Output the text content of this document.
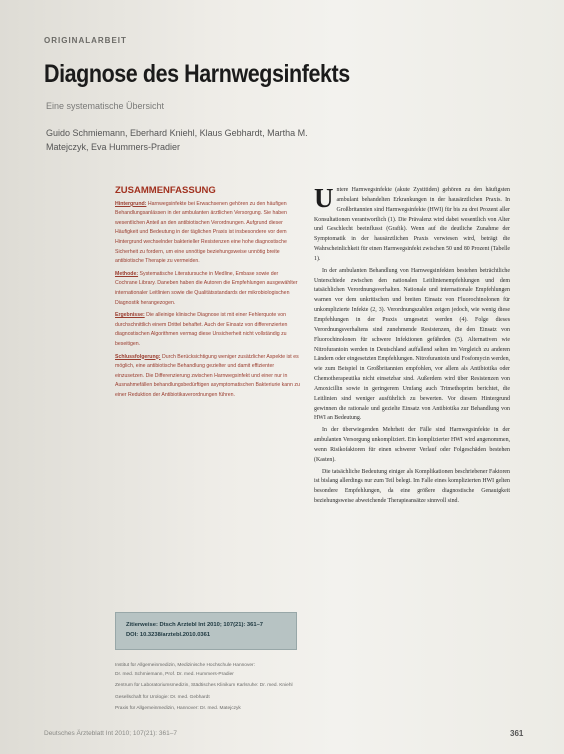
ORIGINALARBEIT
Diagnose des Harnwegsinfekts
Eine systematische Übersicht
Guido Schmiemann, Eberhard Kniehl, Klaus Gebhardt, Martha M. Matejczyk, Eva Hummers-Pradier
ZUSAMMENFASSUNG

Hintergrund: Harnwegsinfekte bei Erwachsenen gehören zu den häufigen Behandlungsanlässen in der ambulanten ärztlichen Versorgung. Sie haben wesentlichen Anteil an den antibiotischen Verordnungen. Aufgrund dieser Häufigkeit und Bedeutung in der täglichen Praxis ist insbesondere vor dem Hintergrund wechselnder bakterieller Resistenzen eine hohe diagnostische Sicherheit zu fordern, um eine unnötige beziehungsweise unnötig breite antibiotische Therapie zu vermeiden.

Methode: Systematische Literatursuche in Medline, Embase sowie der Cochrane Library. Daneben haben die Autoren die Empfehlungen ausgewählter internationaler Leitlinien sowie die Qualitätsstandards der mikrobiologischen Diagnostik herangezogen.

Ergebnisse: Die alleinige klinische Diagnose ist mit einer Fehlerquote von durchschnittlich einem Drittel behaftet. Auch der Einsatz von differenzierten diagnostischen Algorithmen vermag diese Unsicherheit nicht vollständig zu beseitigen.

Schlussfolgerung: Durch Berücksichtigung weniger zusätzlicher Aspekte ist es möglich, eine antibiotische Behandlung gezielter und damit effizienter einzusetzen. Die Differenzierung zwischen Harnwegsinfekt und einer nur in Ausnahmefällen behandlungsbedürftigen asymptomatischen Bakteriurie kann zu einer Reduktion der Antibiotikaverordnungen führen.

Zitierweise: Dtsch Arztebl Int 2010; 107(21): 361–7
DOI: 10.3238/arztebl.2010.0361
Institut für Allgemeinmedizin, Medizinische Hochschule Hannover:
Dr. med. Schmiemann, Prof. Dr. med. Hummers-Pradier
Zentrum für Laboratoriumsmedizin, Städtisches Klinikum Karlsruhe: Dr. med. Kniehl
Gesellschaft für Urologie: Dr. med. Gebhardt
Praxis für Allgemeinmedizin, Hannover: Dr. med. Matejczyk
U ntere Harnwegsinfekte (akute Zystitiden) gehören zu den häufigsten ambulant behandelten Erkrankungen in der hausärztlichen Praxis. In Großbritannien sind Harnwegsinfekte (HWI) für bis zu drei Prozent aller Konsultationen verantwortlich (1). Die Prävalenz wird dabei wesentlich von Alter und Geschlecht beeinflusst (Grafik). Wenn auf die deutliche Zunahme der Symptomatik in der hausärztlichen Praxis verwiesen wird, beträgt die Wahrscheinlichkeit für einen Harnwegsinfekt zwischen 50 und 80 Prozent (Tabelle 1).

In der ambulanten Behandlung von Harnwegsinfekten bestehen beträchtliche Unterschiede zwischen den nationalen Leitlinienempfehlungen und dem tatsächlichen Verordnungsverhalten. Nationale und internationale Empfehlungen warnen vor dem unkritischen und breiten Einsatz von Fluorochinolonen für unkomplizierte Infekte (2, 3). Verordnungszahlen zeigen jedoch, wie wenig diese Empfehlungen in der Praxis umgesetzt werden (4). Folge dieses Verordnungsverhaltens sind zunehmende Resistenzen, die den Einsatz von Fluorochinolonen für schwere Infektionen gefährden (5). Alternativen wie Nitrofurantoin werden in Deutschland auffallend selten im Vergleich zu anderen Ländern oder eingesetzten Empfehlungen. Nitrofurantoin und Fosfomycin werden, wie zum Beispiel in Großbritannien empfohlen, vor allem als Antibiotika oder Chemotherapeutika nicht einsetzbar sind. Außerdem wird über Resistenzen von Amoxicillin sowie in geringerem Umfang auch Trimethoprim berichtet, die Leitlinien sind weniger ausführlich zu bewerten. Vor diesem Hintergrund gewinnen die rationale und gezielte Einsatz von Antibiotika zur Behandlung von HWI an Bedeutung.

In der überwiegenden Mehrheit der Fälle sind Harnwegsinfekte in der ambulanten Versorgung unkompliziert. Ein komplizierter HWI wird angenommen, wenn Risikofaktoren für einen schwerer Verlauf oder Folgeschäden bestehen (Kasten).

Die tatsächliche Bedeutung einiger als Komplikationen beschriebener Faktoren ist bislang allerdings nur zum Teil belegt. Im Falle eines komplizierten HWI gelten besondere Empfehlungen, da eine größere diagnostische Genauigkeit beziehungsweise abweichende Therapieansätze sinnvoll sind.

Deutsches Ärzteblatt Int 2010; 107(21): 361–7	361
